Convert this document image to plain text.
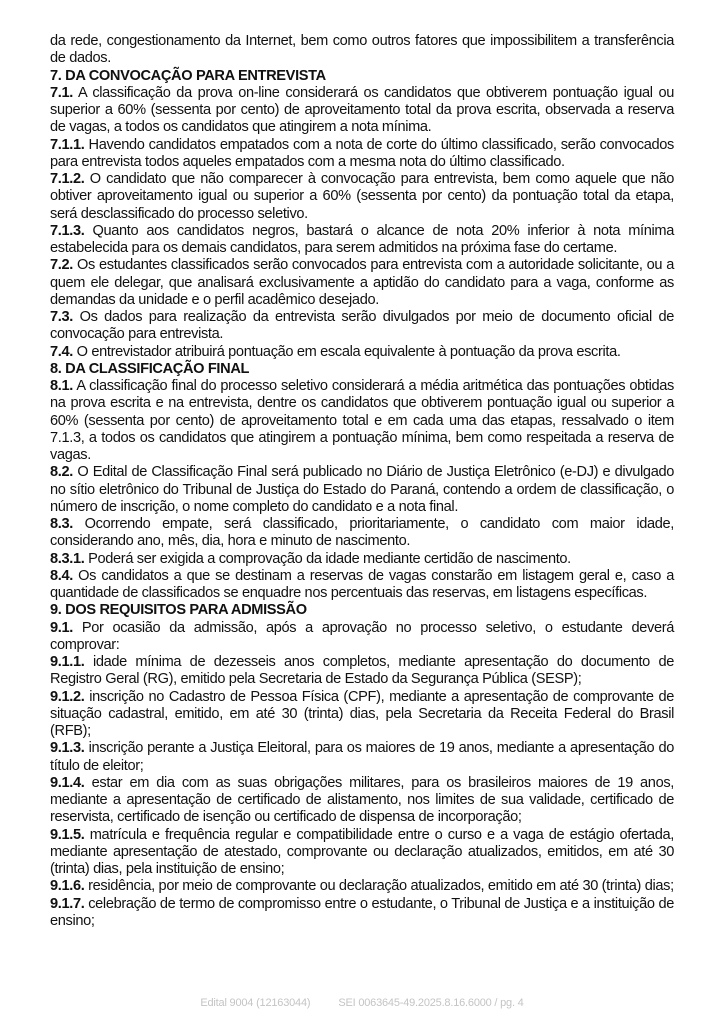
da rede, congestionamento da Internet, bem como outros fatores que impossibilitem a transferência de dados.

7. DA CONVOCAÇÃO PARA ENTREVISTA

7.1. A classificação da prova on-line considerará os candidatos que obtiverem pontuação igual ou superior a 60% (sessenta por cento) de aproveitamento total da prova escrita, observada a reserva de vagas, a todos os candidatos que atingirem a nota mínima.

7.1.1. Havendo candidatos empatados com a nota de corte do último classificado, serão convocados para entrevista todos aqueles empatados com a mesma nota do último classificado.

7.1.2. O candidato que não comparecer à convocação para entrevista, bem como aquele que não obtiver aproveitamento igual ou superior a 60% (sessenta por cento) da pontuação total da etapa, será desclassificado do processo seletivo.

7.1.3. Quanto aos candidatos negros, bastará o alcance de nota 20% inferior à nota mínima estabelecida para os demais candidatos, para serem admitidos na próxima fase do certame.

7.2. Os estudantes classificados serão convocados para entrevista com a autoridade solicitante, ou a quem ele delegar, que analisará exclusivamente a aptidão do candidato para a vaga, conforme as demandas da unidade e o perfil acadêmico desejado.

7.3. Os dados para realização da entrevista serão divulgados por meio de documento oficial de convocação para entrevista.

7.4. O entrevistador atribuirá pontuação em escala equivalente à pontuação da prova escrita.

8. DA CLASSIFICAÇÃO FINAL

8.1. A classificação final do processo seletivo considerará a média aritmética das pontuações obtidas na prova escrita e na entrevista, dentre os candidatos que obtiverem pontuação igual ou superior a 60% (sessenta por cento) de aproveitamento total e em cada uma das etapas, ressalvado o item 7.1.3, a todos os candidatos que atingirem a pontuação mínima, bem como respeitada a reserva de vagas.

8.2. O Edital de Classificação Final será publicado no Diário de Justiça Eletrônico (e-DJ) e divulgado no sítio eletrônico do Tribunal de Justiça do Estado do Paraná, contendo a ordem de classificação, o número de inscrição, o nome completo do candidato e a nota final.

8.3. Ocorrendo empate, será classificado, prioritariamente, o candidato com maior idade, considerando ano, mês, dia, hora e minuto de nascimento.

8.3.1. Poderá ser exigida a comprovação da idade mediante certidão de nascimento.

8.4. Os candidatos a que se destinam a reservas de vagas constarão em listagem geral e, caso a quantidade de classificados se enquadre nos percentuais das reservas, em listagens específicas.

9. DOS REQUISITOS PARA ADMISSÃO

9.1. Por ocasião da admissão, após a aprovação no processo seletivo, o estudante deverá comprovar:

9.1.1. idade mínima de dezesseis anos completos, mediante apresentação do documento de Registro Geral (RG), emitido pela Secretaria de Estado da Segurança Pública (SESP);

9.1.2. inscrição no Cadastro de Pessoa Física (CPF), mediante a apresentação de comprovante de situação cadastral, emitido, em até 30 (trinta) dias, pela Secretaria da Receita Federal do Brasil (RFB);

9.1.3. inscrição perante a Justiça Eleitoral, para os maiores de 19 anos, mediante a apresentação do título de eleitor;

9.1.4. estar em dia com as suas obrigações militares, para os brasileiros maiores de 19 anos, mediante a apresentação de certificado de alistamento, nos limites de sua validade, certificado de reservista, certificado de isenção ou certificado de dispensa de incorporação;

9.1.5. matrícula e frequência regular e compatibilidade entre o curso e a vaga de estágio ofertada, mediante apresentação de atestado, comprovante ou declaração atualizados, emitidos, em até 30 (trinta) dias, pela instituição de ensino;

9.1.6. residência, por meio de comprovante ou declaração atualizados, emitido em até 30 (trinta) dias;

9.1.7. celebração de termo de compromisso entre o estudante, o Tribunal de Justiça e a instituição de ensino;

Edital 9004 (12163044)	SEI 0063645-49.2025.8.16.6000 / pg. 4
